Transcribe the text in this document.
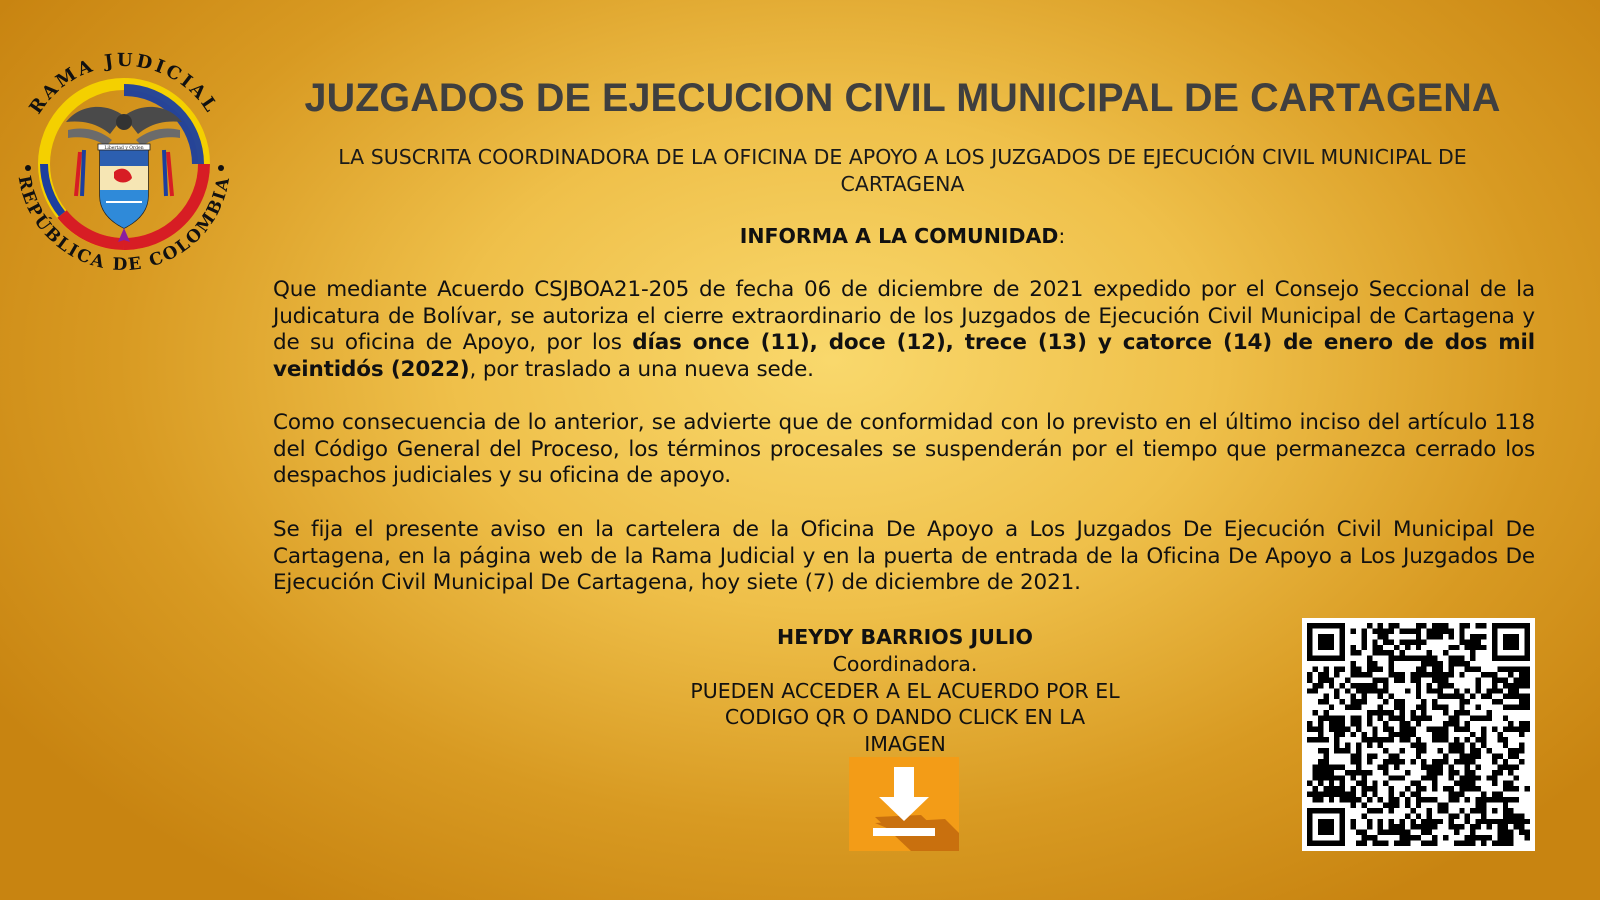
RAMA JUDICIAL
REPÚBLICA DE COLOMBIA
Libertad y Orden
JUZGADOS DE EJECUCION CIVIL MUNICIPAL DE CARTAGENA

LA SUSCRITA COORDINADORA DE LA OFICINA DE APOYO A LOS JUZGADOS DE EJECUCIÓN CIVIL MUNICIPAL DE CARTAGENA

INFORMA A LA COMUNIDAD:

Que mediante Acuerdo CSJBOA21-205 de fecha 06 de diciembre de 2021 expedido por el Consejo Seccional de la Judicatura de Bolívar, se autoriza el cierre extraordinario de los Juzgados de Ejecución Civil Municipal de Cartagena y de su oficina de Apoyo, por los días once (11), doce (12), trece (13) y catorce (14) de enero de dos mil veintidós (2022), por traslado a una nueva sede.

Como consecuencia de lo anterior, se advierte que de conformidad con lo previsto en el último inciso del artículo 118 del Código General del Proceso, los términos procesales se suspenderán por el tiempo que permanezca cerrado los despachos judiciales y su oficina de apoyo.

Se fija el presente aviso en la cartelera de la Oficina De Apoyo a Los Juzgados De Ejecución Civil Municipal De Cartagena, en la página web de la Rama Judicial y en la puerta de entrada de la Oficina De Apoyo a Los Juzgados De Ejecución Civil Municipal De Cartagena, hoy siete (7) de diciembre de 2021.

HEYDY BARRIOS JULIO
Coordinadora.
PUEDEN ACCEDER A EL ACUERDO POR EL CODIGO QR O DANDO CLICK EN LA IMAGEN
